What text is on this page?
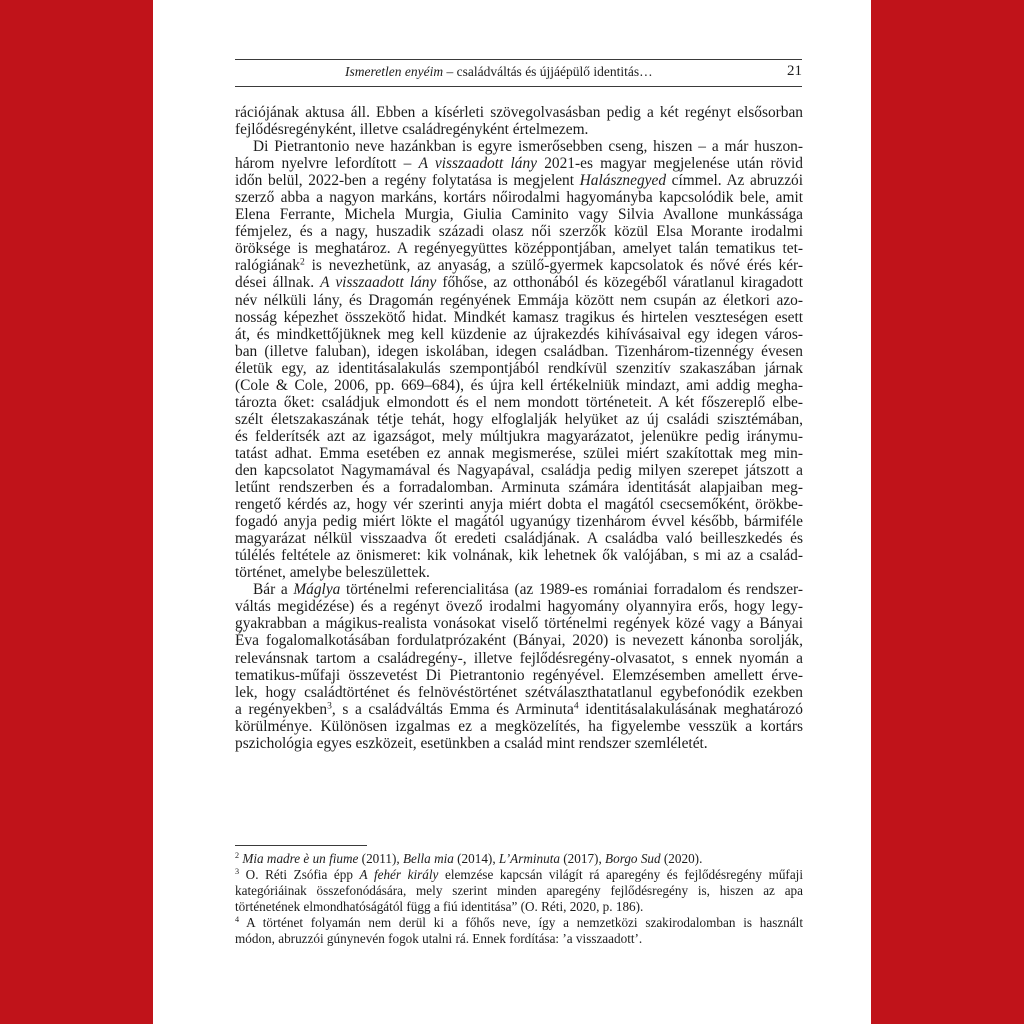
Ismeretlen enyéim – családváltás és újjáépülő identitás…	21
rációjának aktusa áll. Ebben a kísérleti szövegolvasásban pedig a két regényt elsősorban
fejlődésregényként, illetve családregényként értelmezem.
Di Pietrantonio neve hazánkban is egyre ismerősebben cseng, hiszen – a már huszon-
három nyelvre lefordított – A visszaadott lány 2021-es magyar megjelenése után rövid
időn belül, 2022-ben a regény folytatása is megjelent Halásznegyed címmel. Az abruzzói
szerző abba a nagyon markáns, kortárs nőirodalmi hagyományba kapcsolódik bele, amit
Elena Ferrante, Michela Murgia, Giulia Caminito vagy Silvia Avallone munkássága
fémjelez, és a nagy, huszadik századi olasz női szerzők közül Elsa Morante irodalmi
öröksége is meghatároz. A regényegyüttes középpontjában, amelyet talán tematikus tet-
ralógiának$^2$ is nevezhetünk, az anyaság, a szülő-gyermek kapcsolatok és nővé érés kér-
dései állnak. A visszaadott lány főhőse, az otthonából és közegéből váratlanul kiragadott
név nélküli lány, és Dragomán regényének Emmája között nem csupán az életkori azo-
nosság képezhet összekötő hidat. Mindkét kamasz tragikus és hirtelen veszteségen esett
át, és mindkettőjüknek meg kell küzdenie az újrakezdés kihívásaival egy idegen város-
ban (illetve faluban), idegen iskolában, idegen családban. Tizenhárom-tizennégy évesen
életük egy, az identitásalakulás szempontjából rendkívül szenzitív szakaszában járnak
(Cole & Cole, 2006, pp. 669–684), és újra kell értékelniük mindazt, ami addig megha-
tározta őket: családjuk elmondott és el nem mondott történeteit. A két főszereplő elbe-
szélt életszakaszának tétje tehát, hogy elfoglalják helyüket az új családi szisztémában,
és felderítsék azt az igazságot, mely múltjukra magyarázatot, jelenükre pedig iránymu-
tatást adhat. Emma esetében ez annak megismerése, szülei miért szakítottak meg min-
den kapcsolatot Nagymamával és Nagyapával, családja pedig milyen szerepet játszott a
letűnt rendszerben és a forradalomban. Arminuta számára identitását alapjaiban meg-
rengető kérdés az, hogy vér szerinti anyja miért dobta el magától csecsemőként, örökbe-
fogadó anyja pedig miért lökte el magától ugyanúgy tizenhárom évvel később, bármiféle
magyarázat nélkül visszaadva őt eredeti családjának. A családba való beilleszkedés és
túlélés feltétele az önismeret: kik volnának, kik lehetnek ők valójában, s mi az a család-
történet, amelybe beleszülettek.
Bár a Máglya történelmi referencialitása (az 1989-es romániai forradalom és rendszer-
váltás megidézése) és a regényt övező irodalmi hagyomány olyannyira erős, hogy legy-
gyakrabban a mágikus-realista vonásokat viselő történelmi regények közé vagy a Bányai
Éva fogalomalkotásában fordulatprózaként (Bányai, 2020) is nevezett kánonba sorolják,
relevánsnak tartom a családregény-, illetve fejlődésregény-olvasatot, s ennek nyomán a
tematikus-műfaji összevetést Di Pietrantonio regényével. Elemzésemben amellett érve-
lek, hogy családtörténet és felnövéstörténet szétválaszthatatlanul egybefonódik ezekben
a regényekben$^3$, s a családváltás Emma és Arminuta$^4$ identitásalakulásának meghatározó
körülménye. Különösen izgalmas ez a megközelítés, ha figyelembe vesszük a kortárs
pszichológia egyes eszközeit, esetünkben a család mint rendszer szemléletét.
$^2$ Mia madre è un fiume (2011), Bella mia (2014), L’Arminuta (2017), Borgo Sud (2020).
$^3$ O. Réti Zsófia épp A fehér király elemzése kapcsán világít rá aparegény és fejlődésregény műfaji
kategóriáinak összefonódására, mely szerint minden aparegény fejlődésregény is, hiszen az apa
történetének elmondhatóságától függ a fiú identitása” (O. Réti, 2020, p. 186).
$^4$ A történet folyamán nem derül ki a főhős neve, így a nemzetközi szakirodalomban is használt
módon, abruzzói gúnynevén fogok utalni rá. Ennek fordítása: ’a visszaadott’.
